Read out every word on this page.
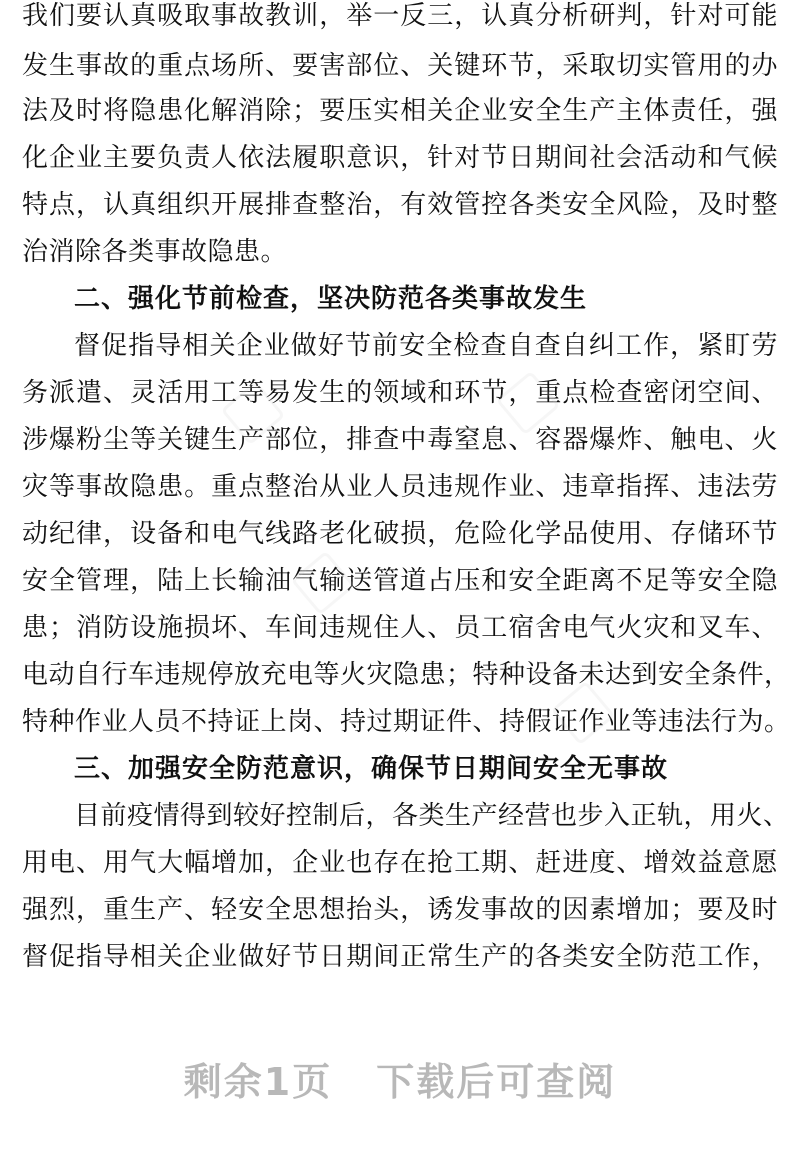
我们要认真吸取事故教训，举一反三，认真分析研判，针对可能
发生事故的重点场所、要害部位、关键环节，采取切实管用的办
法及时将隐患化解消除；要压实相关企业安全生产主体责任，强
化企业主要负责人依法履职意识，针对节日期间社会活动和气候
特点，认真组织开展排查整治，有效管控各类安全风险，及时整
治消除各类事故隐患。
二、强化节前检查，坚决防范各类事故发生
督促指导相关企业做好节前安全检查自查自纠工作，紧盯劳
务派遣、灵活用工等易发生的领域和环节，重点检查密闭空间、
涉爆粉尘等关键生产部位，排查中毒窒息、容器爆炸、触电、火
灾等事故隐患。重点整治从业人员违规作业、违章指挥、违法劳
动纪律，设备和电气线路老化破损，危险化学品使用、存储环节
安全管理，陆上长输油气输送管道占压和安全距离不足等安全隐
患；消防设施损坏、车间违规住人、员工宿舍电气火灾和叉车、
电动自行车违规停放充电等火灾隐患；特种设备未达到安全条件，
特种作业人员不持证上岗、持过期证件、持假证作业等违法行为。
三、加强安全防范意识，确保节日期间安全无事故
目前疫情得到较好控制后，各类生产经营也步入正轨，用火、
用电、用气大幅增加，企业也存在抢工期、赶进度、增效益意愿
强烈，重生产、轻安全思想抬头，诱发事故的因素增加；要及时
督促指导相关企业做好节日期间正常生产的各类安全防范工作，
剩余1页 下载后可查阅
